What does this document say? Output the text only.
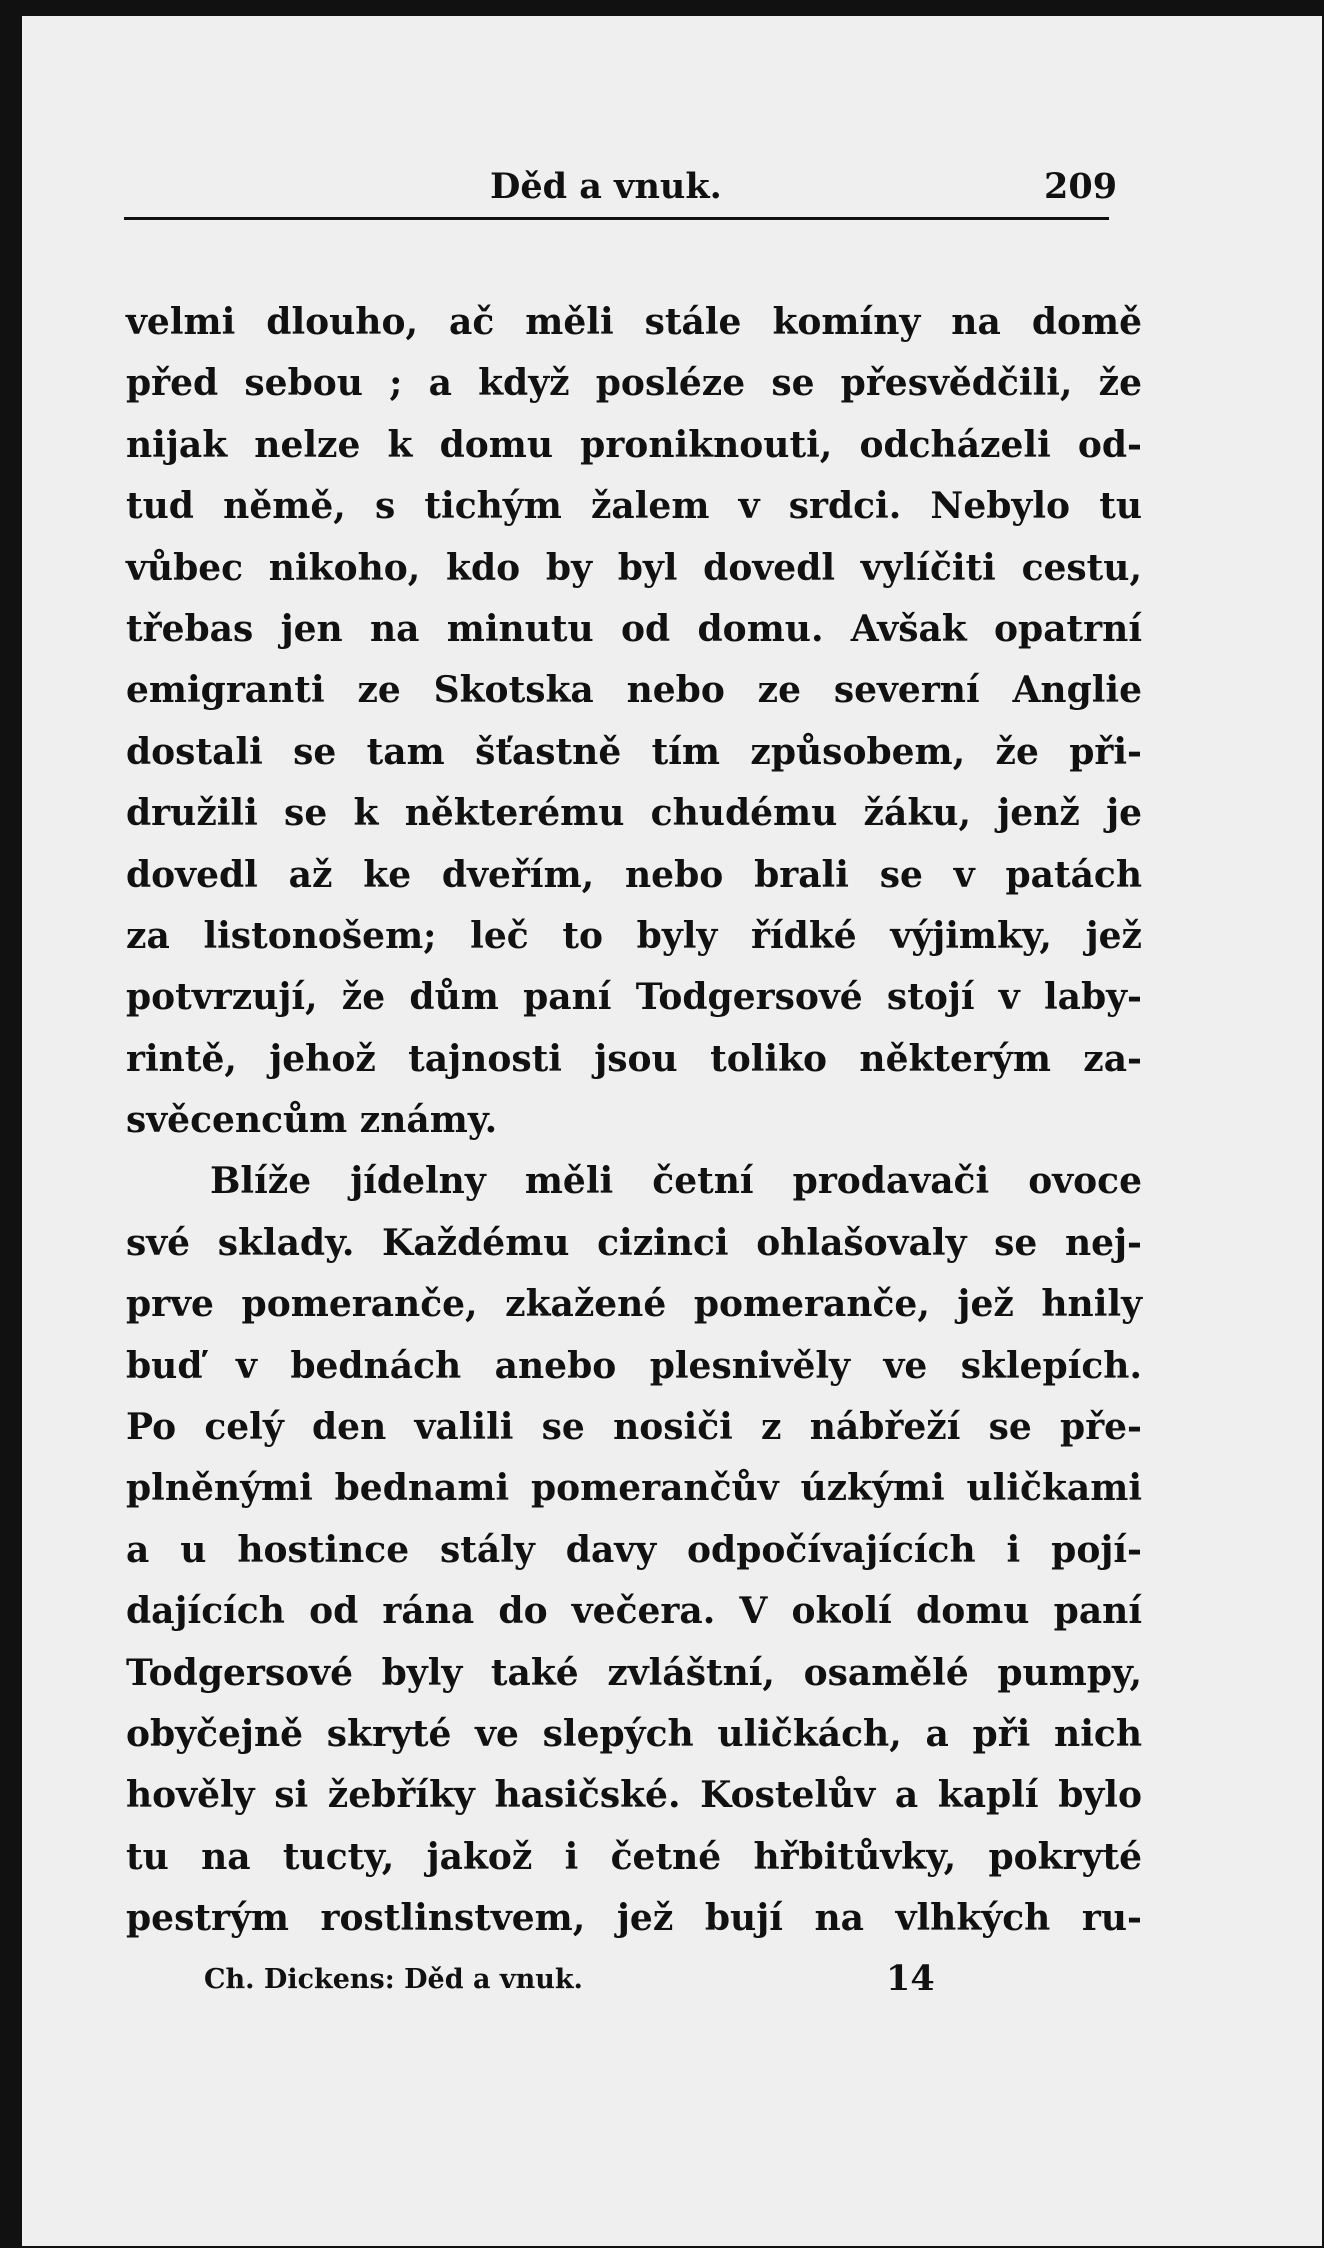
Děd a vnuk.	209
velmi dlouho, ač měli stále komíny na domě
před sebou ; a když posléze se přesvědčili, že
nijak nelze k domu proniknouti, odcházeli od-
tud němě, s tichým žalem v srdci. Nebylo tu
vůbec nikoho, kdo by byl dovedl vylíčiti cestu,
třebas jen na minutu od domu. Avšak opatrní
emigranti ze Skotska nebo ze severní Anglie
dostali se tam šťastně tím způsobem, že při-
družili se k některému chudému žáku, jenž je
dovedl až ke dveřím, nebo brali se v patách
za listonošem; leč to byly řídké výjimky, jež
potvrzují, že dům paní Todgersové stojí v laby-
rintě, jehož tajnosti jsou toliko některým za-
svěcencům známy.
Blíže jídelny měli četní prodavači ovoce
své sklady. Každému cizinci ohlašovaly se nej-
prve pomeranče, zkažené pomeranče, jež hnily
buď v bednách anebo plesnivěly ve sklepích.
Po celý den valili se nosiči z nábřeží se pře-
plněnými bednami pomerančův úzkými uličkami
a u hostince stály davy odpočívajících i pojí-
dajících od rána do večera. V okolí domu paní
Todgersové byly také zvláštní, osamělé pumpy,
obyčejně skryté ve slepých uličkách, a při nich
hověly si žebříky hasičské. Kostelův a kaplí bylo
tu na tucty, jakož i četné hřbitůvky, pokryté
pestrým rostlinstvem, jež bují na vlhkých ru-
Ch. Dickens: Děd a vnuk.	14
